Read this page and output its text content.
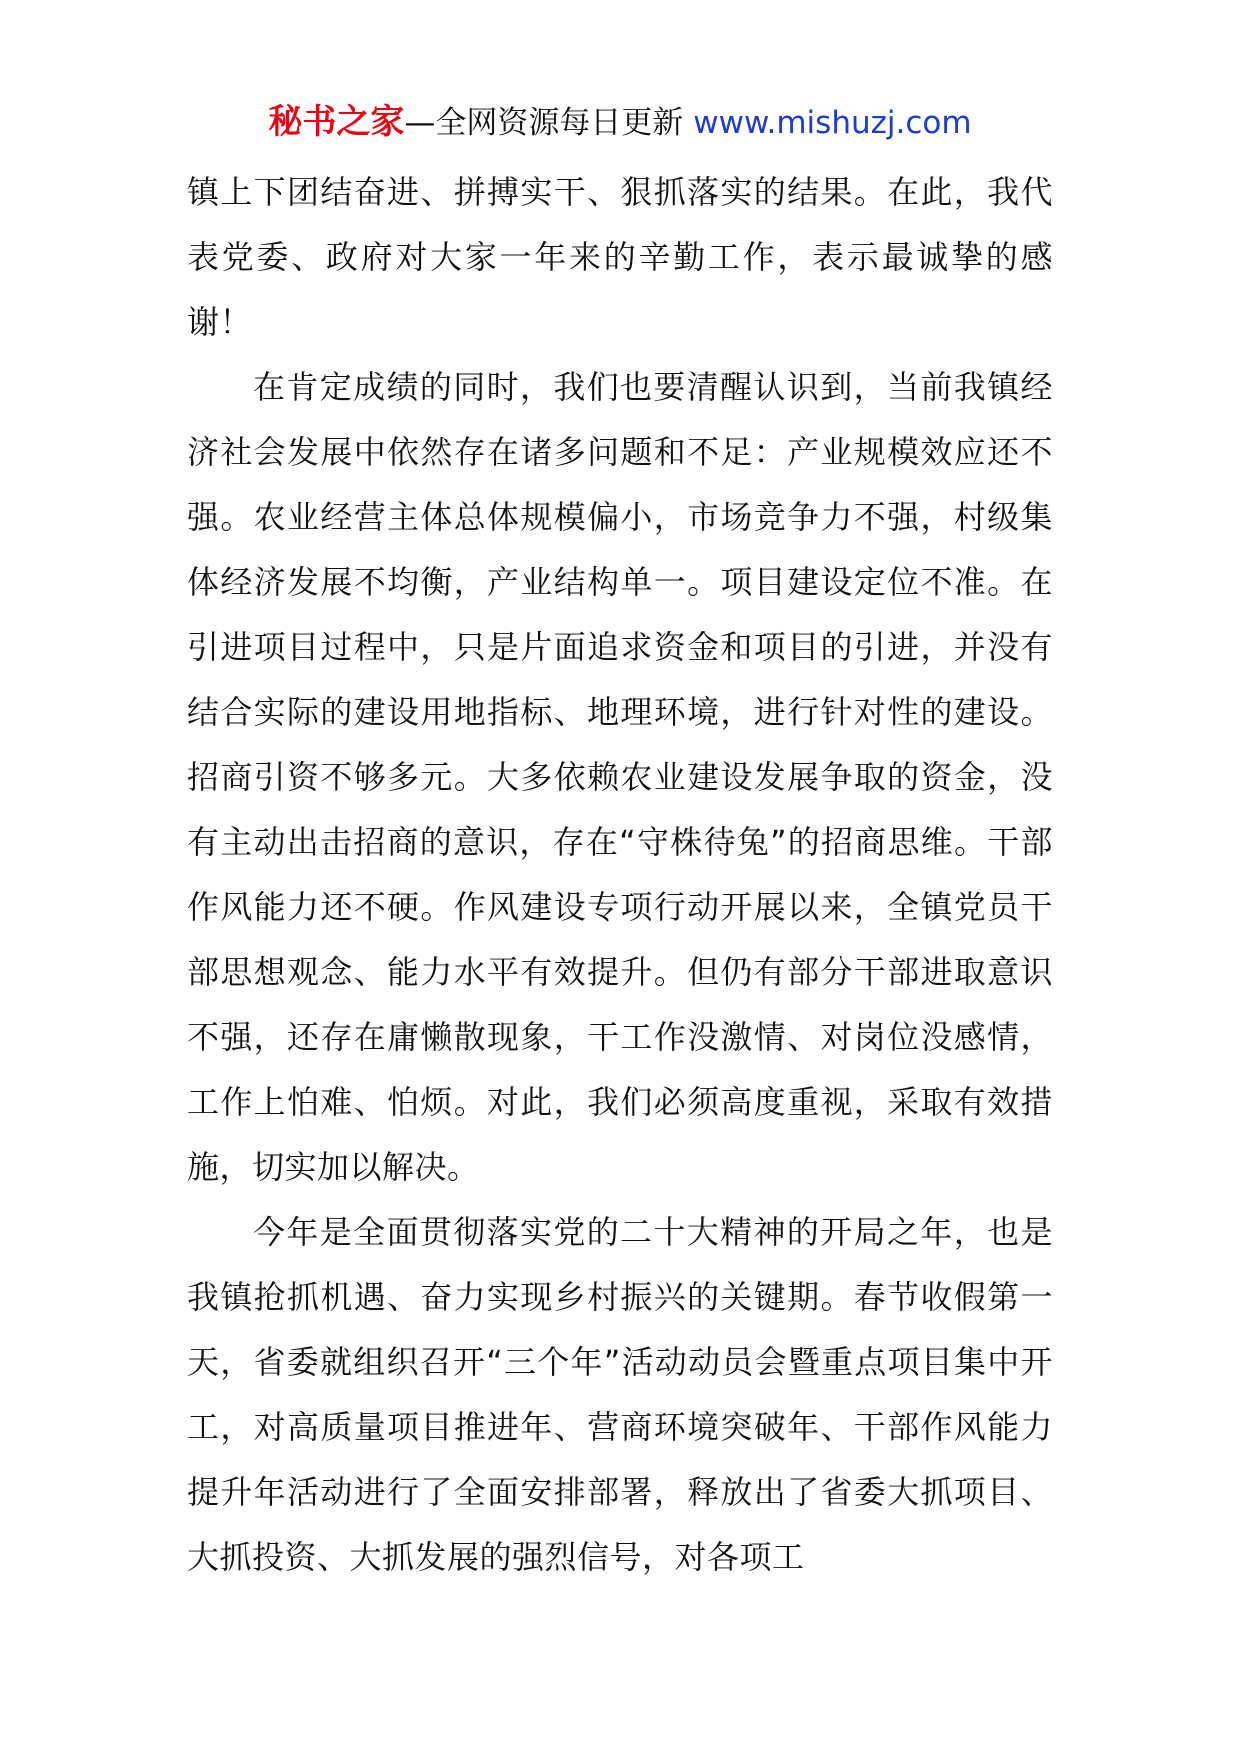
秘书之家—全网资源每日更新 www.mishuzj.com

镇上下团结奋进、拼搏实干、狠抓落实的结果。在此，我代表党委、政府对大家一年来的辛勤工作，表示最诚挚的感谢！

在肯定成绩的同时，我们也要清醒认识到，当前我镇经济社会发展中依然存在诸多问题和不足：产业规模效应还不强。农业经营主体总体规模偏小，市场竞争力不强，村级集体经济发展不均衡，产业结构单一。项目建设定位不准。在引进项目过程中，只是片面追求资金和项目的引进，并没有结合实际的建设用地指标、地理环境，进行针对性的建设。招商引资不够多元。大多依赖农业建设发展争取的资金，没有主动出击招商的意识，存在“守株待兔”的招商思维。干部作风能力还不硬。作风建设专项行动开展以来，全镇党员干部思想观念、能力水平有效提升。但仍有部分干部进取意识不强，还存在庸懒散现象，干工作没激情、对岗位没感情，工作上怕难、怕烦。对此，我们必须高度重视，采取有效措施，切实加以解决。

今年是全面贯彻落实党的二十大精神的开局之年，也是我镇抢抓机遇、奋力实现乡村振兴的关键期。春节收假第一天，省委就组织召开“三个年”活动动员会暨重点项目集中开工，对高质量项目推进年、营商环境突破年、干部作风能力提升年活动进行了全面安排部署，释放出了省委大抓项目、大抓投资、大抓发展的强烈信号，对各项工
